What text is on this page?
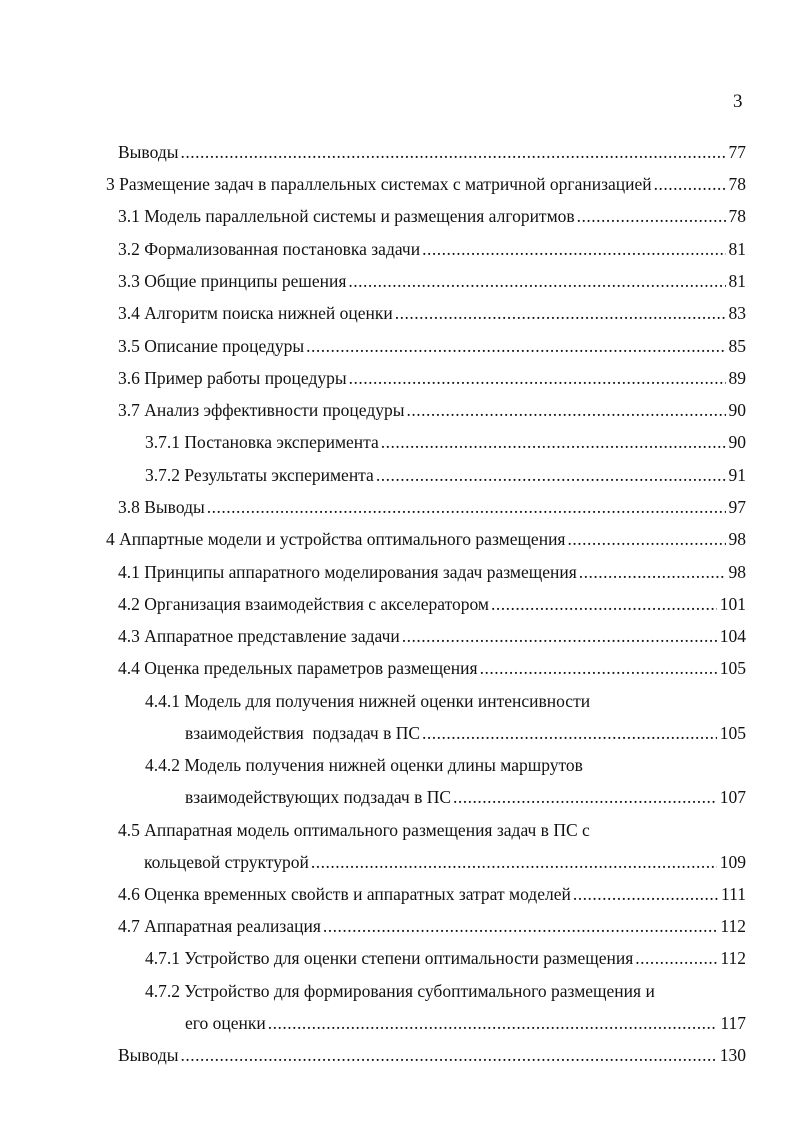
3
Выводы .....	77
3 Размещение задач в параллельных системах с матричной организацией .....	78
3.1 Модель параллельной системы и размещения алгоритмов .....	78
3.2 Формализованная постановка задачи .....	81
3.3 Общие принципы решения .....	81
3.4 Алгоритм поиска нижней оценки .....	83
3.5 Описание процедуры .....	85
3.6 Пример работы процедуры .....	89
3.7 Анализ эффективности процедуры .....	90
3.7.1 Постановка эксперимента .....	90
3.7.2 Результаты эксперимента .....	91
3.8 Выводы .....	97
4 Аппартные модели и устройства оптимального размещения .....	98
4.1 Принципы аппаратного моделирования задач размещения .....	98
4.2 Организация взаимодействия с акселератором .....	101
4.3 Аппаратное представление задачи .....	104
4.4 Оценка предельных параметров размещения .....	105
4.4.1 Модель для получения нижней оценки интенсивности
взаимодействия  подзадач в ПС .....	105
4.4.2 Модель получения нижней оценки длины маршрутов
взаимодействующих подзадач в ПС .....	107
4.5 Аппаратная модель оптимального размещения задач в ПС с
кольцевой структурой .....	109
4.6 Оценка временных свойств и аппаратных затрат моделей .....	111
4.7 Аппаратная реализация .....	112
4.7.1 Устройство для оценки степени оптимальности размещения .....	112
4.7.2 Устройство для формирования субоптимального размещения и
его оценки .....	117
Выводы .....	130
